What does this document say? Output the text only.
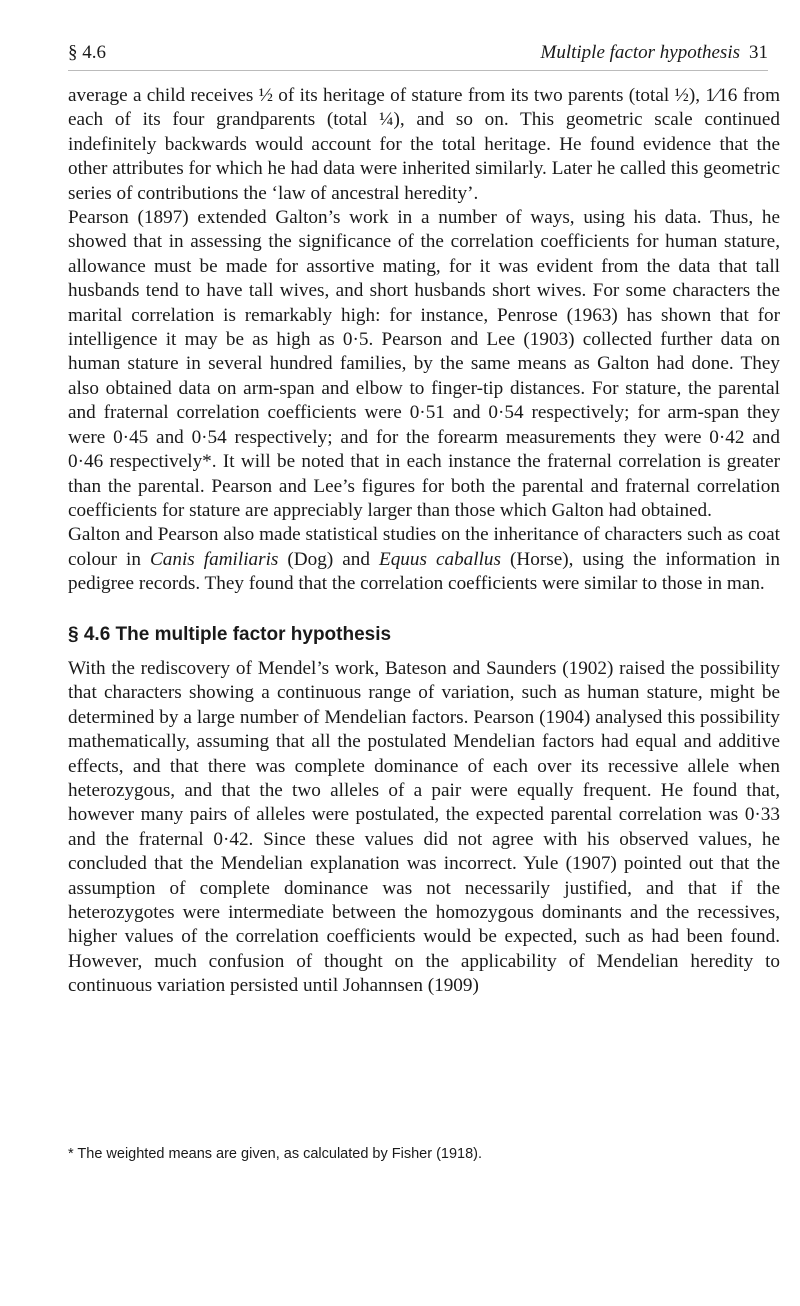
§ 4.6	Multiple factor hypothesis 31

average a child receives ½ of its heritage of stature from its two parents (total ½), 1⁄16 from each of its four grandparents (total ¼), and so on. This geometric scale continued indefinitely backwards would account for the total heritage. He found evidence that the other attributes for which he had data were inherited similarly. Later he called this geometric series of contributions the ‘law of ancestral heredity’.

Pearson (1897) extended Galton’s work in a number of ways, using his data. Thus, he showed that in assessing the significance of the correlation coefficients for human stature, allowance must be made for assortive mating, for it was evident from the data that tall husbands tend to have tall wives, and short husbands short wives. For some characters the marital correlation is remarkably high: for instance, Penrose (1963) has shown that for intelligence it may be as high as 0·5. Pearson and Lee (1903) collected further data on human stature in several hundred families, by the same means as Galton had done. They also obtained data on arm-span and elbow to finger-tip distances. For stature, the parental and fraternal correlation coefficients were 0·51 and 0·54 respectively; for arm-span they were 0·45 and 0·54 respectively; and for the forearm measurements they were 0·42 and 0·46 respectively*. It will be noted that in each instance the fraternal correlation is greater than the parental. Pearson and Lee’s figures for both the parental and fraternal correlation coefficients for stature are appreciably larger than those which Galton had obtained.

Galton and Pearson also made statistical studies on the inheritance of characters such as coat colour in Canis familiaris (Dog) and Equus caballus (Horse), using the information in pedigree records. They found that the correlation coefficients were similar to those in man.

§ 4.6 The multiple factor hypothesis

With the rediscovery of Mendel’s work, Bateson and Saunders (1902) raised the possibility that characters showing a continuous range of variation, such as human stature, might be determined by a large number of Mendelian factors. Pearson (1904) analysed this possibility mathematically, assuming that all the postulated Mendelian factors had equal and additive effects, and that there was complete dominance of each over its recessive allele when heterozygous, and that the two alleles of a pair were equally frequent. He found that, however many pairs of alleles were postulated, the expected parental correlation was 0·33 and the fraternal 0·42. Since these values did not agree with his observed values, he concluded that the Mendelian explanation was incorrect. Yule (1907) pointed out that the assumption of complete dominance was not necessarily justified, and that if the heterozygotes were intermediate between the homozygous dominants and the recessives, higher values of the correlation coefficients would be expected, such as had been found. However, much confusion of thought on the applicability of Mendelian heredity to continuous variation persisted until Johannsen (1909)

* The weighted means are given, as calculated by Fisher (1918).
